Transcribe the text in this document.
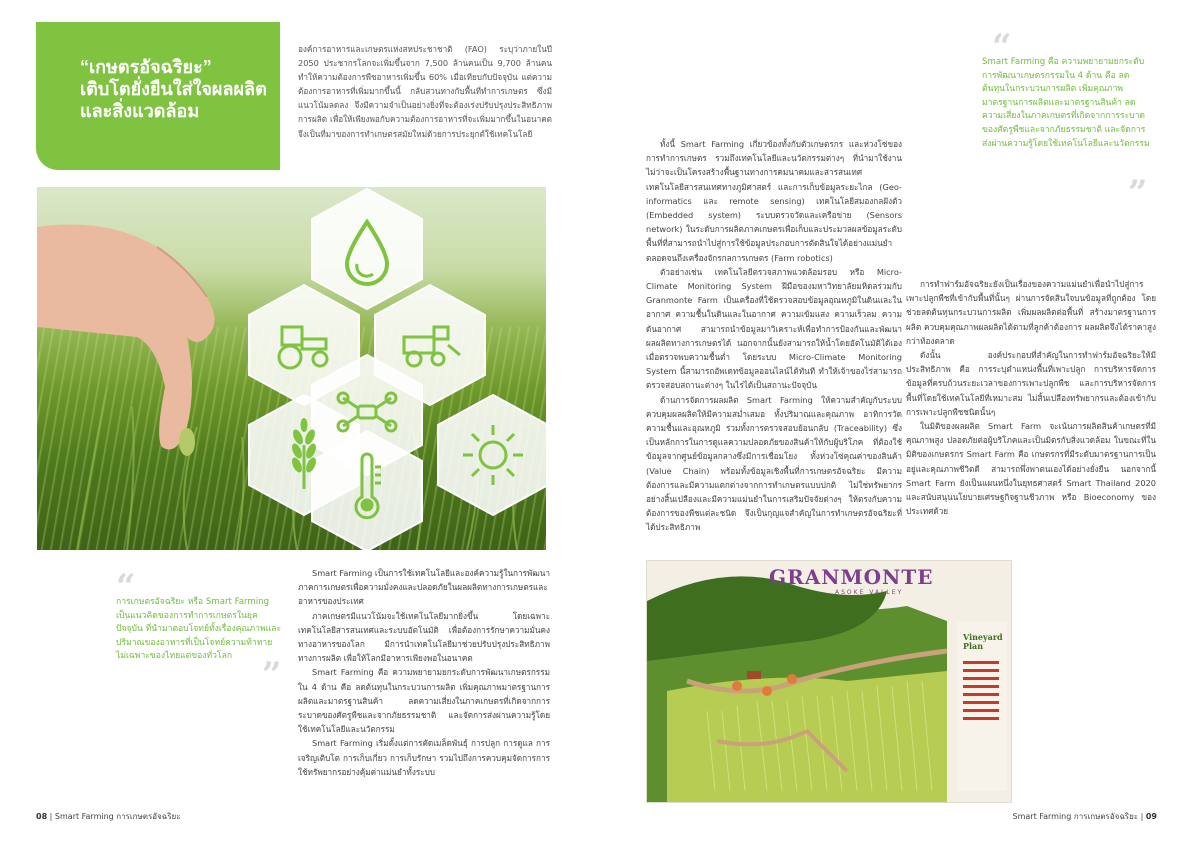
“เกษตรอัจฉริยะ”
เติบโตยั่งยืนใส่ใจผลผลิต
และสิ่งแวดล้อม
องค์การอาหารและเกษตรแห่งสหประชาชาติ (FAO) ระบุว่าภายในปี 2050 ประชากรโลกจะเพิ่มขึ้นจาก 7,500 ล้านคนเป็น 9,700 ล้านคน ทำให้ความต้องการพืชอาหารเพิ่มขึ้น 60% เมื่อเทียบกับปัจจุบัน แต่ความต้องการอาหารที่เพิ่มมากขึ้นนี้ กลับสวนทางกับพื้นที่ทำการเกษตร ซึ่งมีแนวโน้มลดลง จึงมีความจำเป็นอย่างยิ่งที่จะต้องเร่งปรับปรุงประสิทธิภาพการผลิต เพื่อให้เพียงพอกับความต้องการอาหารที่จะเพิ่มมากขึ้นในอนาคต จึงเป็นที่มาของการทำเกษตรสมัยใหม่ด้วยการประยุกต์ใช้เทคโนโลยี
“
การเกษตรอัจฉริยะ หรือ Smart Farming เป็นแนวคิดของการทำการเกษตรในยุคปัจจุบัน ที่นำมาตอบโจทย์ทั้งเรื่องคุณภาพและปริมาณของอาหารที่เป็นโจทย์ความท้าทาย ไม่เฉพาะของไทยแต่ของทั่วโลก ”

Smart Farming เป็นการใช้เทคโนโลยีและองค์ความรู้ในการพัฒนาภาคการเกษตรเพื่อความมั่งคงและปลอดภัยในผลผลิตทางการเกษตรและอาหารของประเทศ

ภาคเกษตรมีแนวโน้มจะใช้เทคโนโลยีมากยิ่งขึ้น โดยเฉพาะเทคโนโลยีสารสนเทศและระบบอัตโนมัติ เพื่อต้องการรักษาความมั่นคงทางอาหารของโลก มีการนำเทคโนโลยีมาช่วยปรับปรุงประสิทธิภาพทางการผลิต เพื่อให้โลกมีอาหารเพียงพอในอนาคต

Smart Farming คือ ความพยายามยกระดับการพัฒนาเกษตรกรรมใน 4 ด้าน คือ ลดต้นทุนในกระบวนการผลิต เพิ่มคุณภาพมาตรฐานการผลิตและมาตรฐานสินค้า ลดความเสี่ยงในภาคเกษตรที่เกิดจากการระบาดของศัตรูพืชและจากภัยธรรมชาติ และจัดการส่งผ่านความรู้โดยใช้เทคโนโลยีและนวัตกรรม

Smart Farming เริ่มตั้งแต่การคัดเมล็ดพันธุ์ การปลูก การดูแล การเจริญเติบโต การเก็บเกี่ยว การเก็บรักษา รวมไปถึงการควบคุมจัดการการใช้ทรัพยากรอย่างคุ้มค่าแม่นยำทั้งระบบ

ทั้งนี้ Smart Farming เกี่ยวข้องทั้งกับตัวเกษตรกร และห่วงโซ่ของการทำการเกษตร รวมถึงเทคโนโลยีและนวัตกรรมต่างๆ ที่นำมาใช้งาน ไม่ว่าจะเป็นโครงสร้างพื้นฐานทางการคมนาคมและสารสนเทศ เทคโนโลยีสารสนเทศทางภูมิศาสตร์ และการเก็บข้อมูลระยะไกล (Geo-informatics และ remote sensing) เทคโนโลยีสมองกลฝังตัว (Embedded system) ระบบตรวจวัดและเครือข่าย (Sensors network) ในระดับการผลิตภาคเกษตรเพื่อเก็บและประมวลผลข้อมูลระดับพื้นที่ที่สามารถนำไปสู่การใช้ข้อมูลประกอบการตัดสินใจได้อย่างแม่นยำ ตลอดจนถึงเครื่องจักรกลการเกษตร (Farm robotics)

ตัวอย่างเช่น เทคโนโลยีตรวจสภาพแวดล้อมรอบ หรือ Micro-Climate Monitoring System ฝีมือของมหาวิทยาลัยมหิดลร่วมกับ Granmonte Farm เป็นเครื่องที่ใช้ตรวจสอบข้อมูลอุณหภูมิในดินและในอากาศ ความชื้นในดินและในอากาศ ความเข้มแสง ความเร็วลม ความดันอากาศ สามารถนำข้อมูลมาวิเคราะห์เพื่อทำการป้องกันและพัฒนาผลผลิตทางการเกษตรได้ นอกจากนั้นยังสามารถให้น้ำโดยอัตโนมัติได้เอง เมื่อตรวจพบความชื้นต่ำ โดยระบบ Micro-Climate Monitoring System นี้สามารถอัพเดทข้อมูลออนไลน์ได้ทันที ทำให้เจ้าของไร่สามารถตรวจสอบสถานะต่างๆ ในไร่ได้เป็นสถานะปัจจุบัน

ด้านการจัดการผลผลิต Smart Farming ให้ความสำคัญกับระบบควบคุมผลผลิตให้มีความสม่ำเสมอ ทั้งปริมาณและคุณภาพ อาทิการวัดความชื้นและอุณหภูมิ รวมทั้งการตรวจสอบย้อนกลับ (Traceability) ซึ่งเป็นหลักการในการดูแลความปลอดภัยของสินค้าให้กับผู้บริโภค ที่ต้องใช้ข้อมูลจากศูนย์ข้อมูลกลางซึ่งมีการเชื่อมโยง ทั้งห่วงโซ่คุณค่าของสินค้า (Value Chain) พร้อมทั้งข้อมูลเชิงพื้นที่การเกษตรอัจฉริยะ มีความต้องการและมีความแตกต่างจากการทำเกษตรแบบปกติ ไม่ใช่ทรัพยากรอย่างสิ้นเปลืองและมีความแม่นยำในการเสริมปัจจัยต่างๆ ให้ตรงกับความต้องการของพืชแต่ละชนิด จึงเป็นกุญแจสำคัญในการทำเกษตรอัจฉริยะที่ได้ประสิทธิภาพ

“
Smart Farming คือ ความพยายามยกระดับการพัฒนาเกษตรกรรมใน 4 ด้าน คือ ลดต้นทุนในกระบวนการผลิต เพิ่มคุณภาพมาตรฐานการผลิตและมาตรฐานสินค้า ลดความเสี่ยงในภาคเกษตรที่เกิดจากการระบาดของศัตรูพืชและจากภัยธรรมชาติ และจัดการส่งผ่านความรู้โดยใช้เทคโนโลยีและนวัตกรรม
”

การทำฟาร์มอัจฉริยะยังเป็นเรื่องของความแม่นยำเพื่อนำไปสู่การเพาะปลูกพืชที่เข้ากับพื้นที่นั้นๆ ผ่านการจัดสินใจบนข้อมูลที่ถูกต้อง โดยช่วยลดต้นทุนกระบวนการผลิต เพิ่มผลผลิตต่อพื้นที่ สร้างมาตรฐานการผลิต ควบคุมคุณภาพผลผลิตได้ตามที่ลูกค้าต้องการ ผลผลิตจึงได้ราคาสูงกว่าท้องตลาด

ดังนั้น องค์ประกอบที่สำคัญในการทำฟาร์มอัจฉริยะให้มีประสิทธิภาพ คือ การระบุตำแหน่งพื้นที่เพาะปลูก การบริหารจัดการข้อมูลที่ครบถ้วนระยะเวลาของการเพาะปลูกพืช และการบริหารจัดการพื้นที่โดยใช้เทคโนโลยีที่เหมาะสม ไม่สิ้นเปลืองทรัพยากรและต้องเข้ากับการเพาะปลูกพืชชนิดนั้นๆ

ในมิติของผลผลิต Smart Farm จะเน้นการผลิตสินค้าเกษตรที่มีคุณภาพสูง ปลอดภัยต่อผู้บริโภคและเป็นมิตรกับสิ่งแวดล้อม ในขณะที่ในมิติของเกษตรกร Smart Farm คือ เกษตรกรที่มีระดับมาตรฐานการเป็นอยู่และคุณภาพชีวิตดี สามารถพึ่งพาตนเองได้อย่างยั่งยืน นอกจากนี้ Smart Farm ยังเป็นแผนหนึ่งในยุทธศาสตร์ Smart Thailand 2020 และสนับสนุนนโยบายเศรษฐกิจฐานชีวภาพ หรือ Bioeconomy ของประเทศด้วย

GRANMONTE
ASOKE VALLEY
Vineyard Plan
08 | Smart Farming การเกษตรอัจฉริยะ	Smart Farming การเกษตรอัจฉริยะ | 09
